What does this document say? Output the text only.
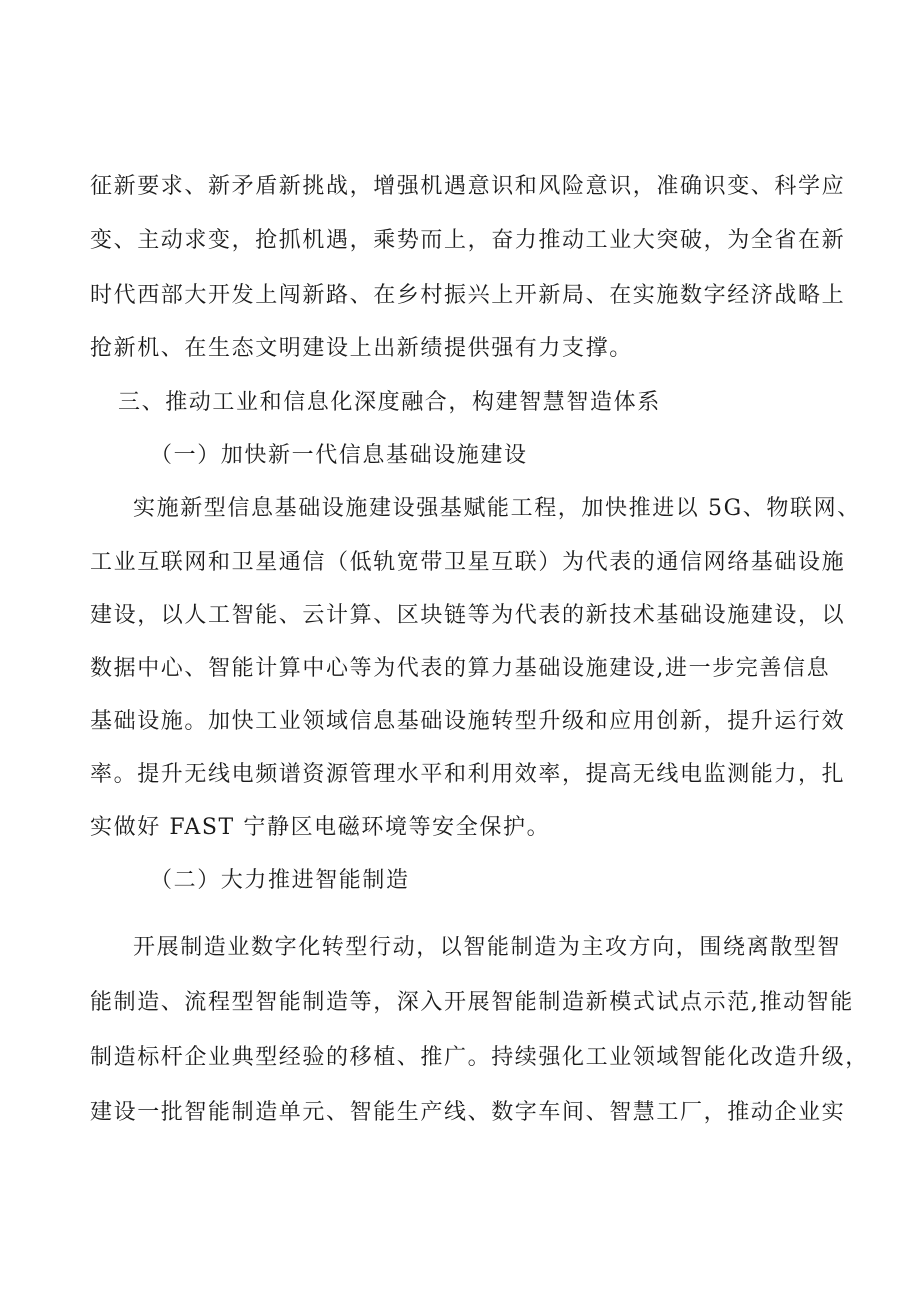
征新要求、新矛盾新挑战，增强机遇意识和风险意识，准确识变、科学应
变、主动求变，抢抓机遇，乘势而上，奋力推动工业大突破，为全省在新
时代西部大开发上闯新路、在乡村振兴上开新局、在实施数字经济战略上
抢新机、在生态文明建设上出新绩提供强有力支撑。
三、推动工业和信息化深度融合，构建智慧智造体系
（一）加快新一代信息基础设施建设
实施新型信息基础设施建设强基赋能工程，加快推进以 5G、物联网、
工业互联网和卫星通信（低轨宽带卫星互联）为代表的通信网络基础设施
建设，以人工智能、云计算、区块链等为代表的新技术基础设施建设，以
数据中心、智能计算中心等为代表的算力基础设施建设,进一步完善信息
基础设施。加快工业领域信息基础设施转型升级和应用创新，提升运行效
率。提升无线电频谱资源管理水平和利用效率，提高无线电监测能力，扎
实做好 FAST 宁静区电磁环境等安全保护。
（二）大力推进智能制造
开展制造业数字化转型行动，以智能制造为主攻方向，围绕离散型智
能制造、流程型智能制造等，深入开展智能制造新模式试点示范,推动智能
制造标杆企业典型经验的移植、推广。持续强化工业领域智能化改造升级，
建设一批智能制造单元、智能生产线、数字车间、智慧工厂，推动企业实
